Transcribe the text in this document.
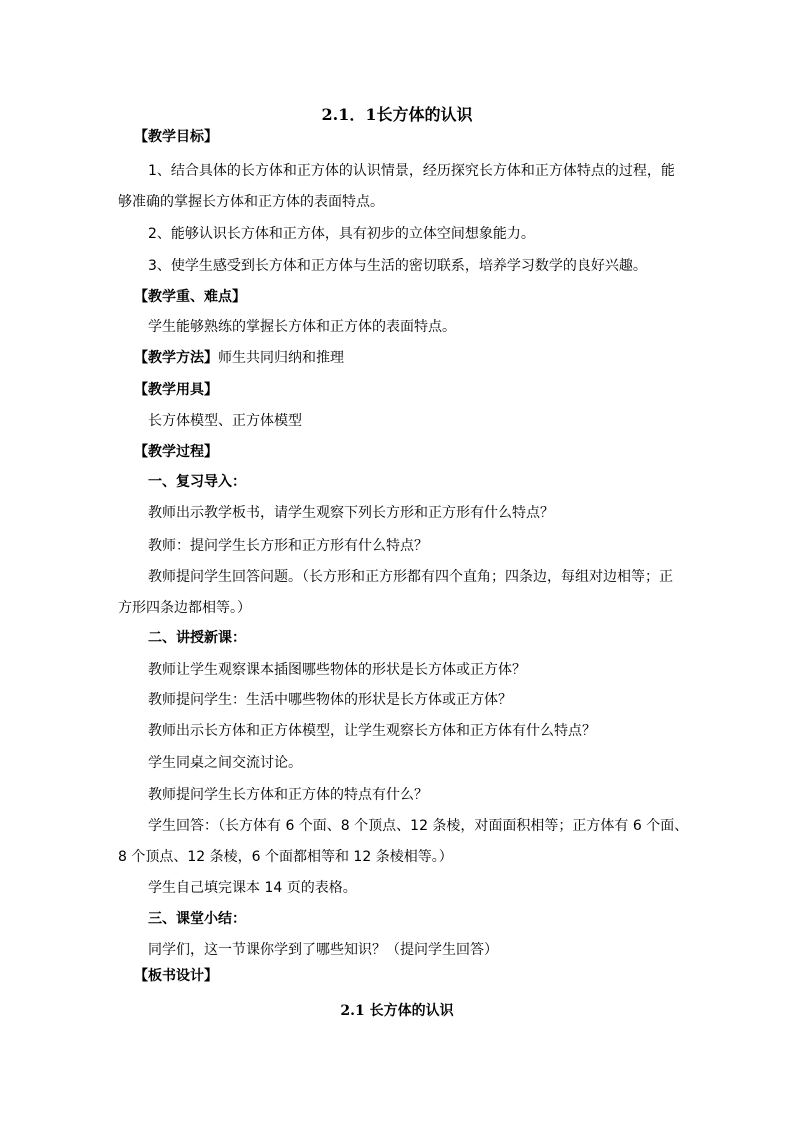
2.1．1长方体的认识
【教学目标】
1、结合具体的长方体和正方体的认识情景，经历探究长方体和正方体特点的过程，能
够准确的掌握长方体和正方体的表面特点。
2、能够认识长方体和正方体，具有初步的立体空间想象能力。
3、使学生感受到长方体和正方体与生活的密切联系，培养学习数学的良好兴趣。
【教学重、难点】
学生能够熟练的掌握长方体和正方体的表面特点。
【教学方法】师生共同归纳和推理
【教学用具】
长方体模型、正方体模型
【教学过程】
一、复习导入：
教师出示教学板书，请学生观察下列长方形和正方形有什么特点？
教师：提问学生长方形和正方形有什么特点？
教师提问学生回答问题。（长方形和正方形都有四个直角；四条边，每组对边相等；正
方形四条边都相等。）
二、讲授新课：
教师让学生观察课本插图哪些物体的形状是长方体或正方体？
教师提问学生：生活中哪些物体的形状是长方体或正方体？
教师出示长方体和正方体模型，让学生观察长方体和正方体有什么特点？
学生同桌之间交流讨论。
教师提问学生长方体和正方体的特点有什么？
学生回答：（长方体有 6 个面、8 个顶点、12 条棱，对面面积相等；正方体有 6 个面、
8 个顶点、12 条棱，6 个面都相等和 12 条棱相等。）
学生自己填完课本 14 页的表格。
三、课堂小结：
同学们，这一节课你学到了哪些知识？（提问学生回答）
【板书设计】
2.1 长方体的认识
